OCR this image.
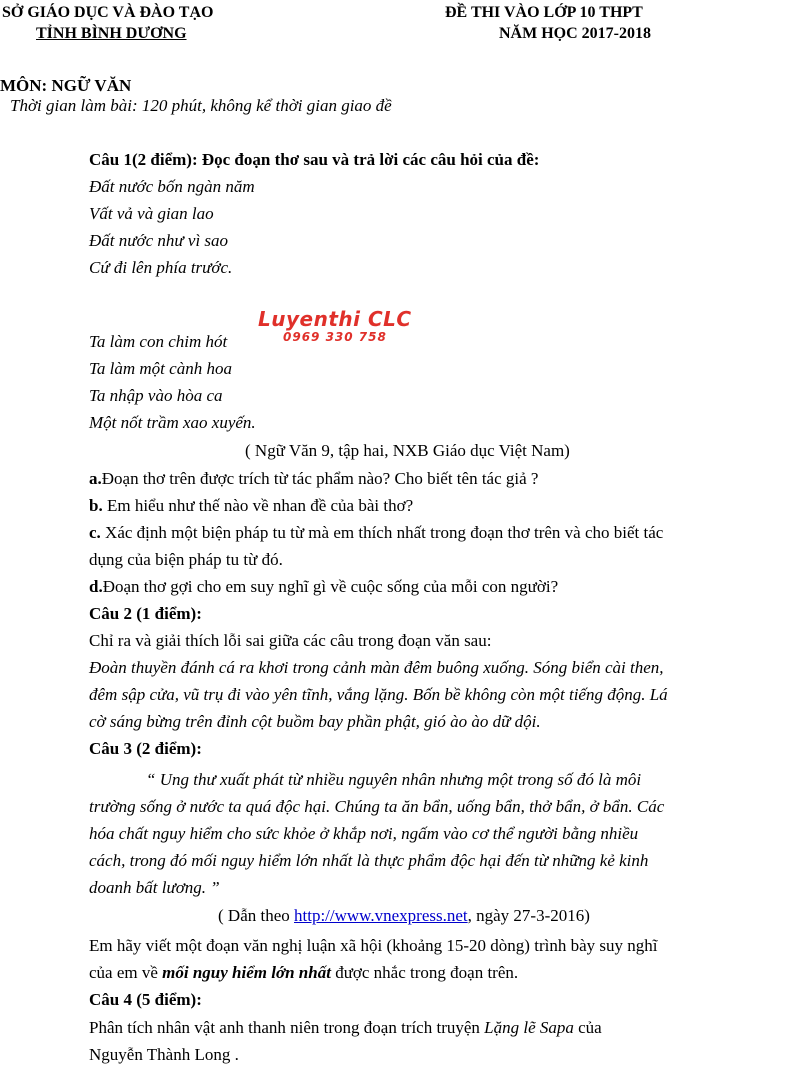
SỞ GIÁO DỤC VÀ ĐÀO TẠO
TỈNH BÌNH DƯƠNG
ĐỀ THI VÀO LỚP 10 THPT
NĂM HỌC 2017-2018
MÔN: NGỮ VĂN
Thời gian làm bài: 120 phút, không kể thời gian giao đề
Câu 1(2 điểm): Đọc đoạn thơ sau và trả lời các câu hỏi của đề:
Đất nước bốn ngàn năm
Vất vả và gian lao
Đất nước như vì sao
Cứ đi lên phía trước.
Luyenthi CLC
0969 330 758
Ta làm con chim hót
Ta làm một cành hoa
Ta nhập vào hòa ca
Một nốt trầm xao xuyến.
( Ngữ Văn 9, tập hai, NXB Giáo dục Việt Nam)
a.Đoạn thơ trên được trích từ tác phẩm nào? Cho biết tên tác giả ?
b. Em hiểu như thế nào về nhan đề của bài thơ?
c. Xác định một biện pháp tu từ mà em thích nhất trong đoạn thơ trên và cho biết tác
dụng của biện pháp tu từ đó.
d.Đoạn thơ gợi cho em suy nghĩ gì về cuộc sống của mỗi con người?
Câu 2 (1 điểm):
Chỉ ra và giải thích lỗi sai giữa các câu trong đoạn văn sau:
Đoàn thuyền đánh cá ra khơi trong cảnh màn đêm buông xuống. Sóng biển cài then,
đêm sập cửa, vũ trụ đi vào yên tĩnh, vắng lặng. Bốn bề không còn một tiếng động. Lá
cờ sáng bừng trên đỉnh cột buồm bay phần phật, gió ào ào dữ dội.
Câu 3 (2 điểm):
“ Ung thư xuất phát từ nhiều nguyên nhân nhưng một trong số đó là môi
trường sống ở nước ta quá độc hại. Chúng ta ăn bẩn, uống bẩn, thở bẩn, ở bẩn. Các
hóa chất nguy hiểm cho sức khỏe ở khắp nơi, ngấm vào cơ thể người bằng nhiều
cách, trong đó mối nguy hiểm lớn nhất là thực phẩm độc hại đến từ những kẻ kinh
doanh bất lương. ”
( Dẫn theo http://www.vnexpress.net, ngày 27-3-2016)
Em hãy viết một đoạn văn nghị luận xã hội (khoảng 15-20 dòng) trình bày suy nghĩ
của em về mối nguy hiểm lớn nhất được nhắc trong đoạn trên.
Câu 4 (5 điểm):
Phân tích nhân vật anh thanh niên trong đoạn trích truyện Lặng lẽ Sapa của
Nguyễn Thành Long .
